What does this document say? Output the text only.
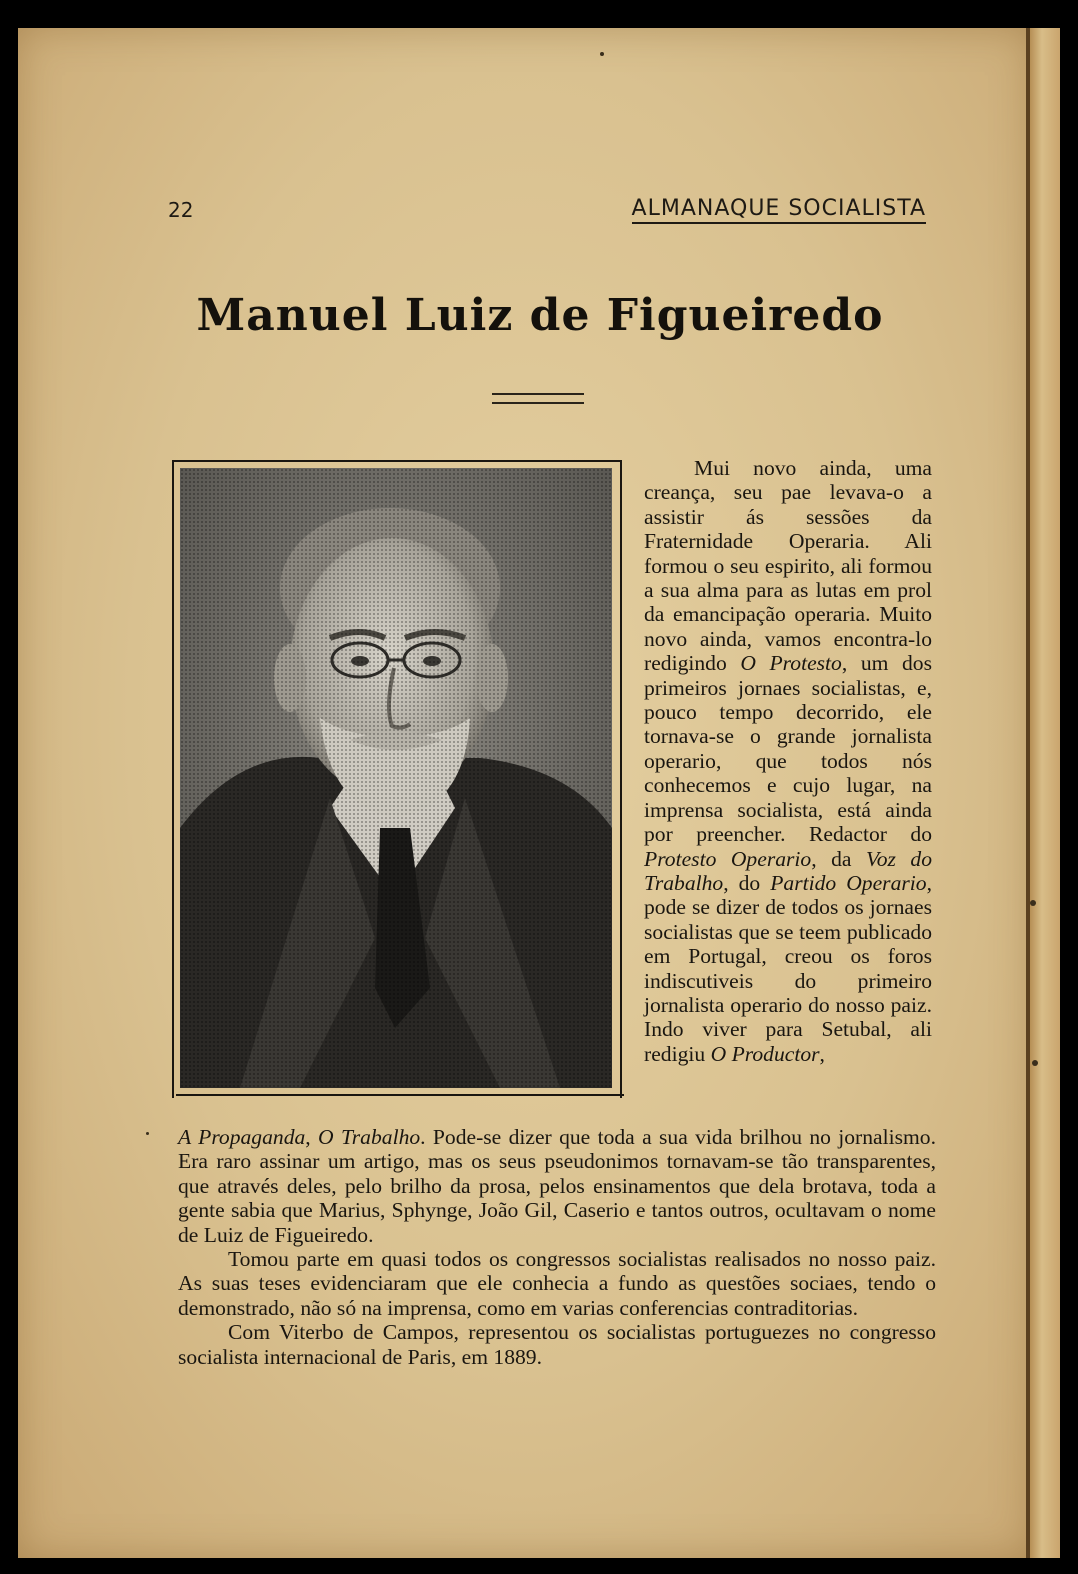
22	ALMANAQUE SOCIALISTA
Manuel Luiz de Figueiredo

Mui novo ainda, uma creança, seu pae levava-o a assistir ás sessões da Fraternidade Operaria. Ali formou o seu espirito, ali formou a sua alma para as lutas em prol da emancipação operaria. Muito novo ainda, vamos encontra-lo redigindo O Protesto, um dos primeiros jornaes socialistas, e, pouco tempo decorrido, ele tornava-se o grande jornalista operario, que todos nós conhecemos e cujo lugar, na imprensa socialista, está ainda por preencher. Redactor do Protesto Operario, da Voz do Trabalho, do Partido Operario, pode se dizer de todos os jornaes socialistas que se teem publicado em Portugal, creou os foros indiscutiveis do primeiro jornalista operario do nosso paiz. Indo viver para Setubal, ali redigiu O Productor,

A Propaganda, O Trabalho. Pode-se dizer que toda a sua vida brilhou no jornalismo. Era raro assinar um artigo, mas os seus pseudonimos tornavam-se tão transparentes, que através deles, pelo brilho da prosa, pelos ensinamentos que dela brotava, toda a gente sabia que Marius, Sphynge, João Gil, Caserio e tantos outros, ocultavam o nome de Luiz de Figueiredo.

Tomou parte em quasi todos os congressos socialistas realisados no nosso paiz. As suas teses evidenciaram que ele conhecia a fundo as questões sociaes, tendo o demonstrado, não só na imprensa, como em varias conferencias contraditorias.

Com Viterbo de Campos, representou os socialistas portuguezes no congresso socialista internacional de Paris, em 1889.
